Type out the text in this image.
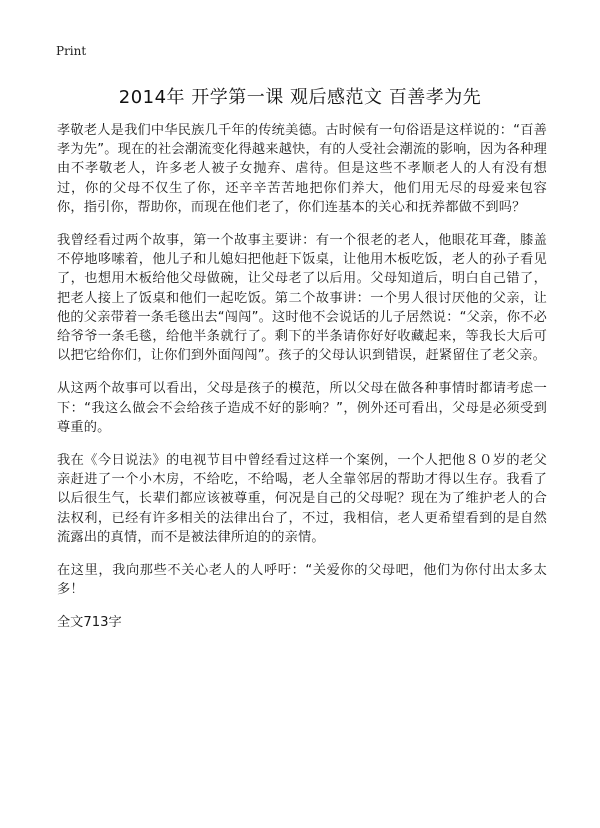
Print
2014年 开学第一课 观后感范文 百善孝为先

孝敬老人是我们中华民族几千年的传统美德。古时候有一句俗语是这样说的：“百善孝为先”。现在的社会潮流变化得越来越快，有的人受社会潮流的影响，因为各种理由不孝敬老人，许多老人被子女抛弃、虐待。但是这些不孝顺老人的人有没有想过，你的父母不仅生了你，还辛辛苦苦地把你们养大，他们用无尽的母爱来包容你，指引你，帮助你，而现在他们老了，你们连基本的关心和抚养都做不到吗？

我曾经看过两个故事，第一个故事主要讲：有一个很老的老人，他眼花耳聋，膝盖不停地哆嗦着，他儿子和儿媳妇把他赶下饭桌，让他用木板吃饭，老人的孙子看见了，也想用木板给他父母做碗，让父母老了以后用。父母知道后，明白自己错了，把老人接上了饭桌和他们一起吃饭。第二个故事讲：一个男人很讨厌他的父亲，让他的父亲带着一条毛毯出去“闯闯”。这时他不会说话的儿子居然说：“父亲，你不必给爷爷一条毛毯，给他半条就行了。剩下的半条请你好好收藏起来，等我长大后可以把它给你们，让你们到外面闯闯”。孩子的父母认识到错误，赶紧留住了老父亲。

从这两个故事可以看出，父母是孩子的模范，所以父母在做各种事情时都请考虑一下：“我这么做会不会给孩子造成不好的影响？”，例外还可看出，父母是必须受到尊重的。

我在《今日说法》的电视节目中曾经看过这样一个案例，一个人把他８０岁的老父亲赶进了一个小木房，不给吃，不给喝，老人全靠邻居的帮助才得以生存。我看了以后很生气，长辈们都应该被尊重，何况是自己的父母呢？现在为了维护老人的合法权利，已经有许多相关的法律出台了，不过，我相信，老人更希望看到的是自然流露出的真情，而不是被法律所迫的的亲情。

在这里，我向那些不关心老人的人呼吁：“关爱你的父母吧，他们为你付出太多太多！

全文713字
